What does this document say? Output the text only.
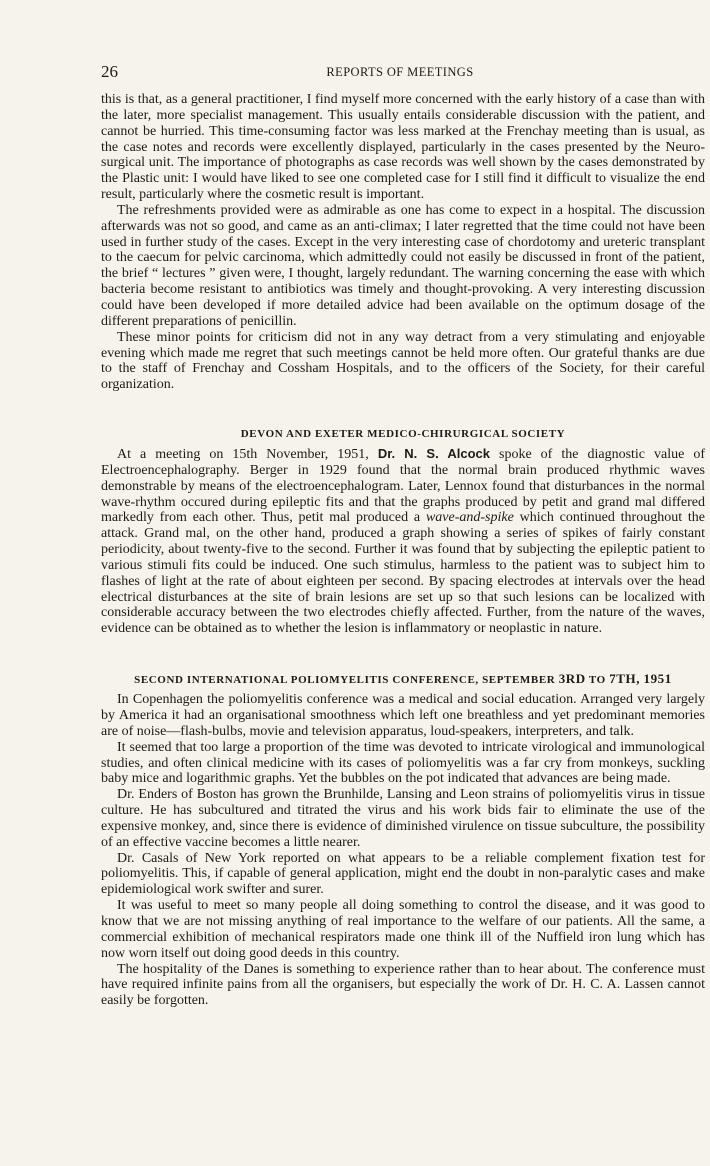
26	REPORTS OF MEETINGS

this is that, as a general practitioner, I find myself more concerned with the early history of a case than with the later, more specialist management. This usually entails considerable discussion with the patient, and cannot be hurried. This time-consuming factor was less marked at the Frenchay meeting than is usual, as the case notes and records were excellently displayed, particularly in the cases presented by the Neuro-surgical unit. The importance of photographs as case records was well shown by the cases demonstrated by the Plastic unit: I would have liked to see one completed case for I still find it difficult to visualize the end result, particularly where the cosmetic result is important.

The refreshments provided were as admirable as one has come to expect in a hospital. The discussion afterwards was not so good, and came as an anti-climax; I later regretted that the time could not have been used in further study of the cases. Except in the very interesting case of chordotomy and ureteric transplant to the caecum for pelvic carcinoma, which admittedly could not easily be discussed in front of the patient, the brief “ lectures ” given were, I thought, largely redundant. The warning concerning the ease with which bacteria become resistant to antibiotics was timely and thought-provoking. A very interesting discussion could have been developed if more detailed advice had been available on the optimum dosage of the different preparations of penicillin.

These minor points for criticism did not in any way detract from a very stimulating and enjoyable evening which made me regret that such meetings cannot be held more often. Our grateful thanks are due to the staff of Frenchay and Cossham Hospitals, and to the officers of the Society, for their careful organization.

DEVON AND EXETER MEDICO-CHIRURGICAL SOCIETY

At a meeting on 15th November, 1951, Dr. N. S. Alcock spoke of the diagnostic value of Electroencephalography. Berger in 1929 found that the normal brain produced rhythmic waves demonstrable by means of the electroencephalogram. Later, Lennox found that disturbances in the normal wave-rhythm occured during epileptic fits and that the graphs produced by petit and grand mal differed markedly from each other. Thus, petit mal produced a wave-and-spike which continued throughout the attack. Grand mal, on the other hand, produced a graph showing a series of spikes of fairly constant periodicity, about twenty-five to the second. Further it was found that by subjecting the epileptic patient to various stimuli fits could be induced. One such stimulus, harmless to the patient was to subject him to flashes of light at the rate of about eighteen per second. By spacing electrodes at intervals over the head electrical disturbances at the site of brain lesions are set up so that such lesions can be localized with considerable accuracy between the two electrodes chiefly affected. Further, from the nature of the waves, evidence can be obtained as to whether the lesion is inflammatory or neoplastic in nature.

SECOND INTERNATIONAL POLIOMYELITIS CONFERENCE, SEPTEMBER 3RD TO 7TH, 1951

In Copenhagen the poliomyelitis conference was a medical and social education. Arranged very largely by America it had an organisational smoothness which left one breathless and yet predominant memories are of noise—flash-bulbs, movie and television apparatus, loud-speakers, interpreters, and talk.

It seemed that too large a proportion of the time was devoted to intricate virological and immunological studies, and often clinical medicine with its cases of poliomyelitis was a far cry from monkeys, suckling baby mice and logarithmic graphs. Yet the bubbles on the pot indicated that advances are being made.

Dr. Enders of Boston has grown the Brunhilde, Lansing and Leon strains of poliomyelitis virus in tissue culture. He has subcultured and titrated the virus and his work bids fair to eliminate the use of the expensive monkey, and, since there is evidence of diminished virulence on tissue subculture, the possibility of an effective vaccine becomes a little nearer.

Dr. Casals of New York reported on what appears to be a reliable complement fixation test for poliomyelitis. This, if capable of general application, might end the doubt in non-paralytic cases and make epidemiological work swifter and surer.

It was useful to meet so many people all doing something to control the disease, and it was good to know that we are not missing anything of real importance to the welfare of our patients. All the same, a commercial exhibition of mechanical respirators made one think ill of the Nuffield iron lung which has now worn itself out doing good deeds in this country.

The hospitality of the Danes is something to experience rather than to hear about. The conference must have required infinite pains from all the organisers, but especially the work of Dr. H. C. A. Lassen cannot easily be forgotten.
